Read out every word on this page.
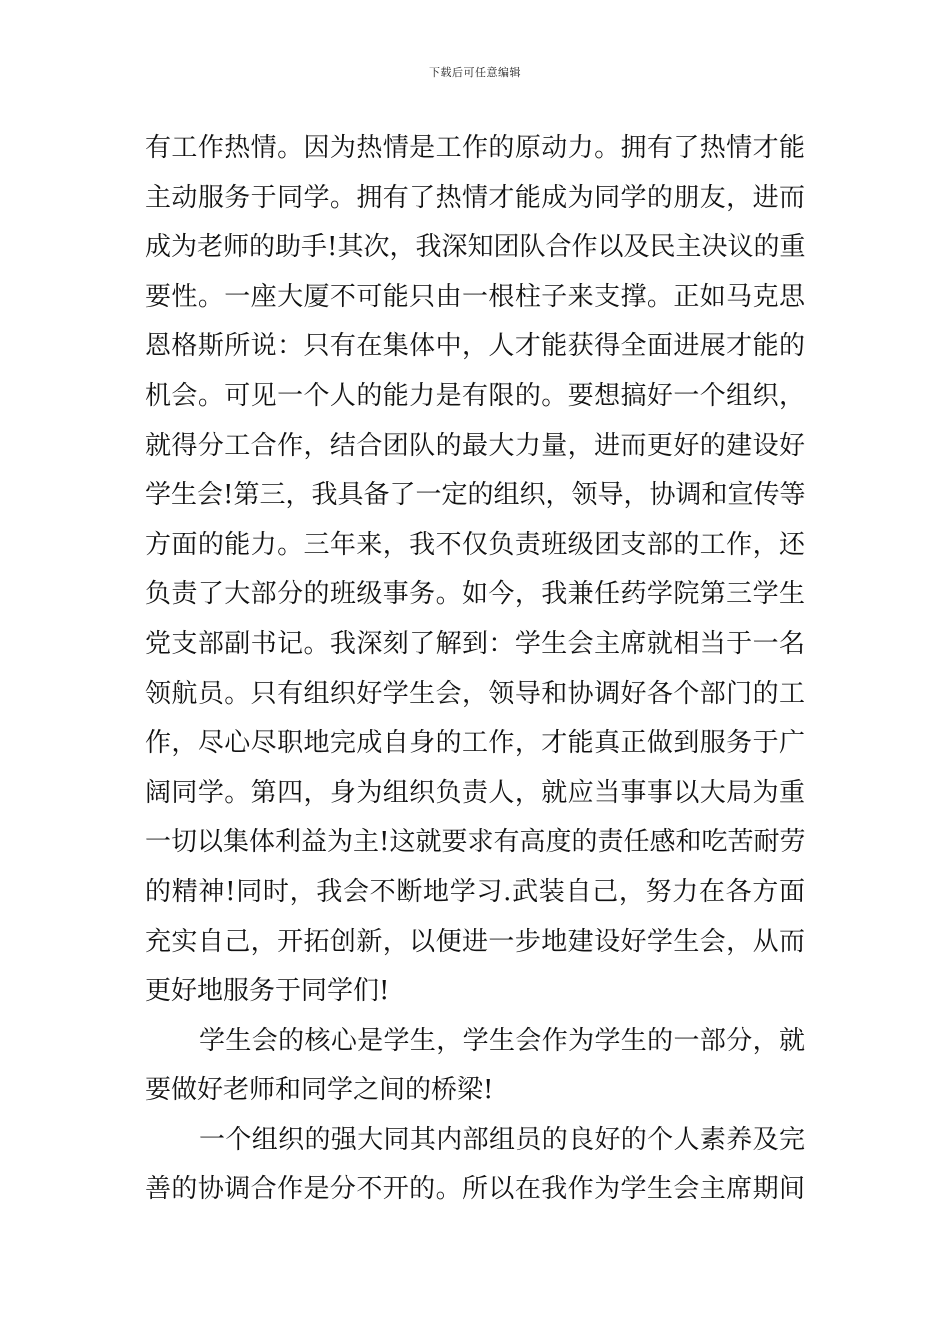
下载后可任意编辑
有工作热情。因为热情是工作的原动力。拥有了热情才能
主动服务于同学。拥有了热情才能成为同学的朋友，进而
成为老师的助手!其次，我深知团队合作以及民主决议的重
要性。一座大厦不可能只由一根柱子来支撑。正如马克思
恩格斯所说：只有在集体中，人才能获得全面进展才能的
机会。可见一个人的能力是有限的。要想搞好一个组织，
就得分工合作，结合团队的最大力量，进而更好的建设好
学生会!第三，我具备了一定的组织，领导，协调和宣传等
方面的能力。三年来，我不仅负责班级团支部的工作，还
负责了大部分的班级事务。如今，我兼任药学院第三学生
党支部副书记。我深刻了解到：学生会主席就相当于一名
领航员。只有组织好学生会，领导和协调好各个部门的工
作，尽心尽职地完成自身的工作，才能真正做到服务于广
阔同学。第四，身为组织负责人，就应当事事以大局为重
一切以集体利益为主!这就要求有高度的责任感和吃苦耐劳
的精神!同时，我会不断地学习.武装自己，努力在各方面
充实自己，开拓创新，以便进一步地建设好学生会，从而
更好地服务于同学们!
学生会的核心是学生，学生会作为学生的一部分，就
要做好老师和同学之间的桥梁!
一个组织的强大同其内部组员的良好的个人素养及完
善的协调合作是分不开的。所以在我作为学生会主席期间
